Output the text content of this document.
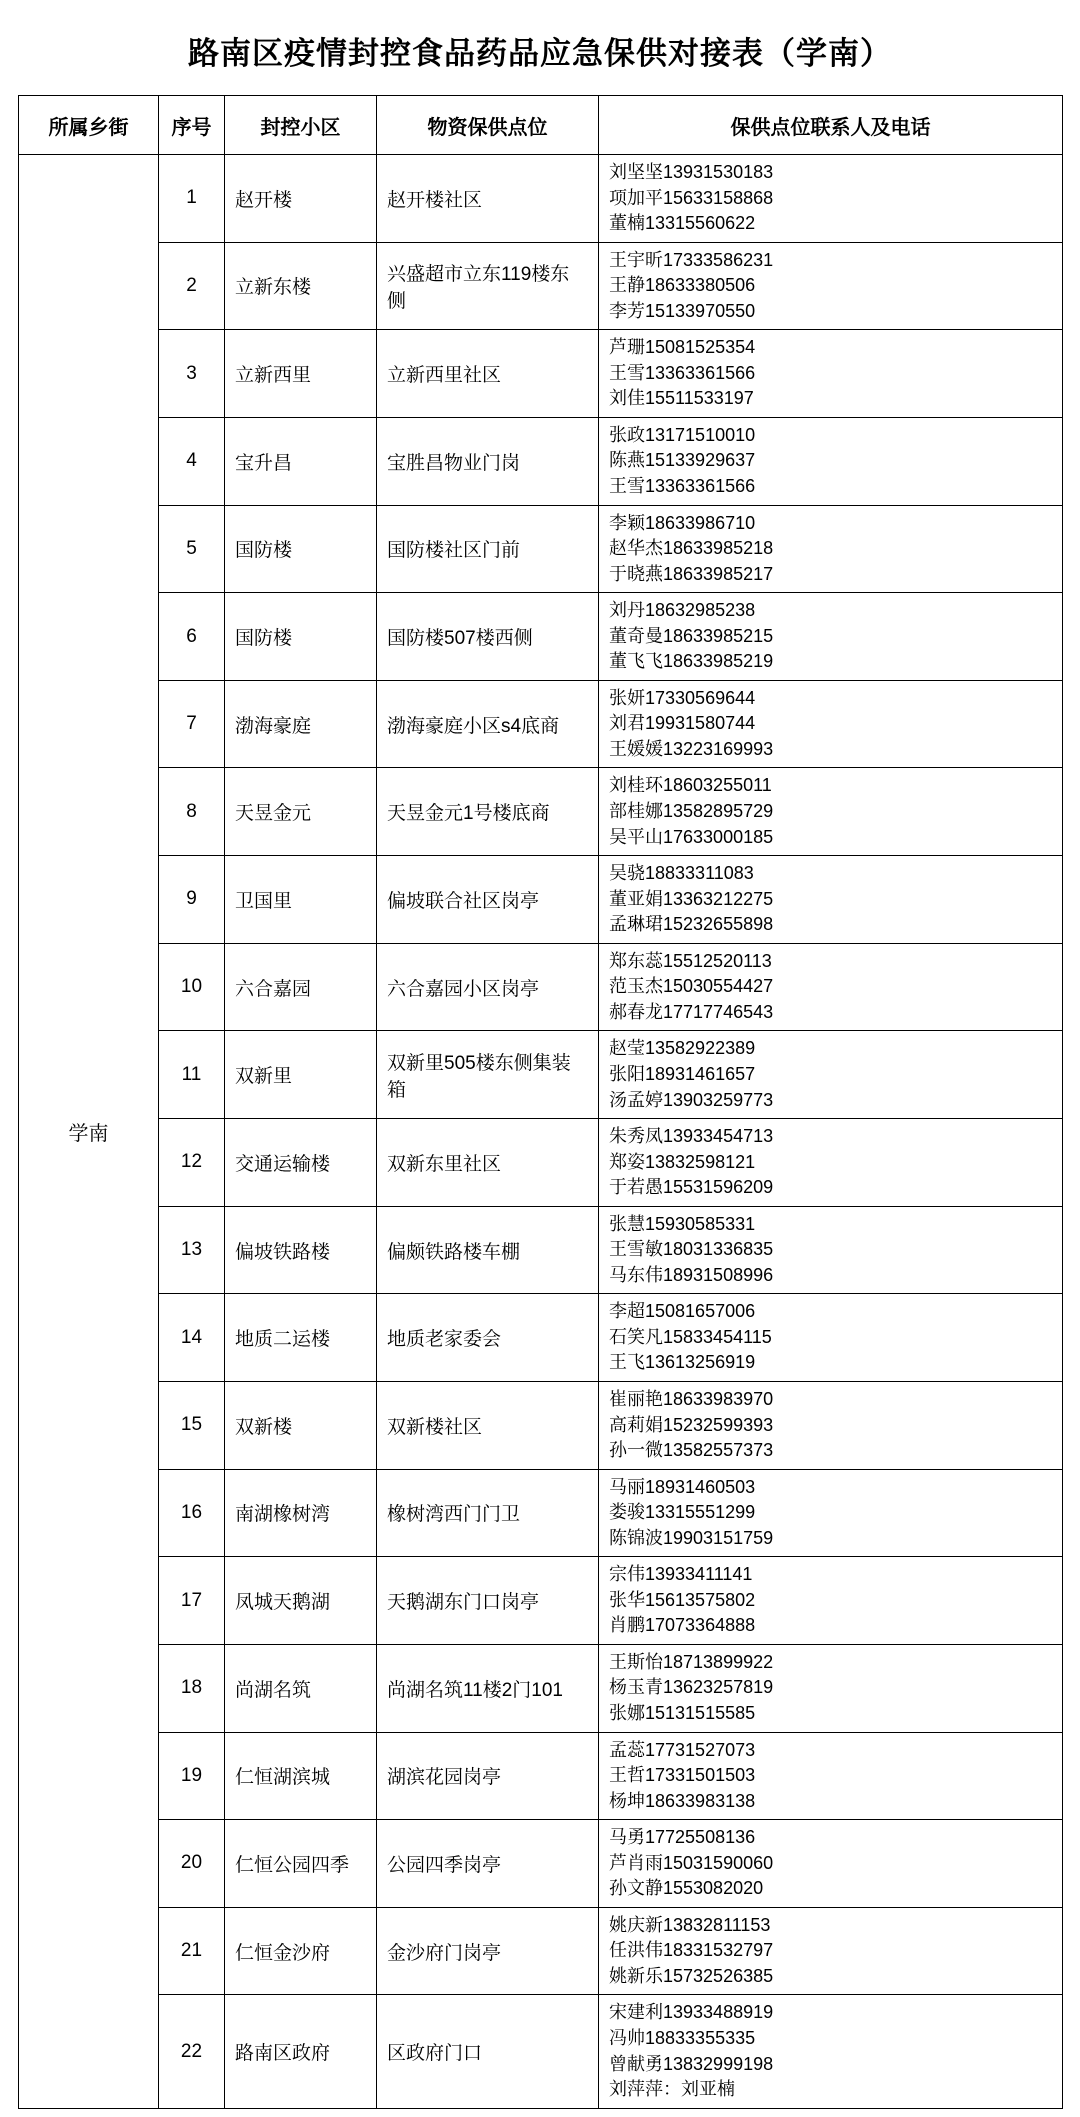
路南区疫情封控食品药品应急保供对接表（学南）
所属乡街	序号	封控小区	物资保供点位	保供点位联系人及电话
学南	1	赵开楼	赵开楼社区	刘坚坚13931530183
项加平15633158868
董楠13315560622

	2	立新东楼	兴盛超市立东119楼东侧	王宇昕17333586231
王静18633380506
李芳15133970550

	3	立新西里	立新西里社区	芦珊15081525354
王雪13363361566
刘佳15511533197

	4	宝升昌	宝胜昌物业门岗	张政13171510010
陈燕15133929637
王雪13363361566

	5	国防楼	国防楼社区门前	李颖18633986710
赵华杰18633985218
于晓燕18633985217

	6	国防楼	国防楼507楼西侧	刘丹18632985238
董奇曼18633985215
董飞飞18633985219

	7	渤海豪庭	渤海豪庭小区s4底商	张妍17330569644
刘君19931580744
王媛媛13223169993

	8	天昱金元	天昱金元1号楼底商	刘桂环18603255011
部桂娜13582895729
吴平山17633000185

	9	卫国里	偏坡联合社区岗亭	吴骁18833311083
董亚娟13363212275
孟琳珺15232655898

	10	六合嘉园	六合嘉园小区岗亭	郑东蕊15512520113
范玉杰15030554427
郝春龙17717746543

	11	双新里	双新里505楼东侧集装箱	赵莹13582922389
张阳18931461657
汤孟婷13903259773

	12	交通运输楼	双新东里社区	朱秀凤13933454713
郑姿13832598121
于若愚15531596209

	13	偏坡铁路楼	偏颇铁路楼车棚	张慧15930585331
王雪敏18031336835
马东伟18931508996

	14	地质二运楼	地质老家委会	李超15081657006
石笑凡15833454115
王飞13613256919

	15	双新楼	双新楼社区	崔丽艳18633983970
高莉娟15232599393
孙一微13582557373

	16	南湖橡树湾	橡树湾西门门卫	马丽18931460503
娄骏13315551299
陈锦波19903151759

	17	凤城天鹅湖	天鹅湖东门口岗亭	宗伟13933411141
张华15613575802
肖鹏17073364888

	18	尚湖名筑	尚湖名筑11楼2门101	王斯怡18713899922
杨玉青13623257819
张娜15131515585

	19	仁恒湖滨城	湖滨花园岗亭	孟蕊17731527073
王哲17331501503
杨坤18633983138

	20	仁恒公园四季	公园四季岗亭	马勇17725508136
芦肖雨15031590060
孙文静1553082020

	21	仁恒金沙府	金沙府门岗亭	姚庆新13832811153
任洪伟18331532797
姚新乐15732526385

	22	路南区政府	区政府门口	宋建利13933488919
冯帅18833355335
曾献勇13832999198
刘萍萍：刘亚楠
